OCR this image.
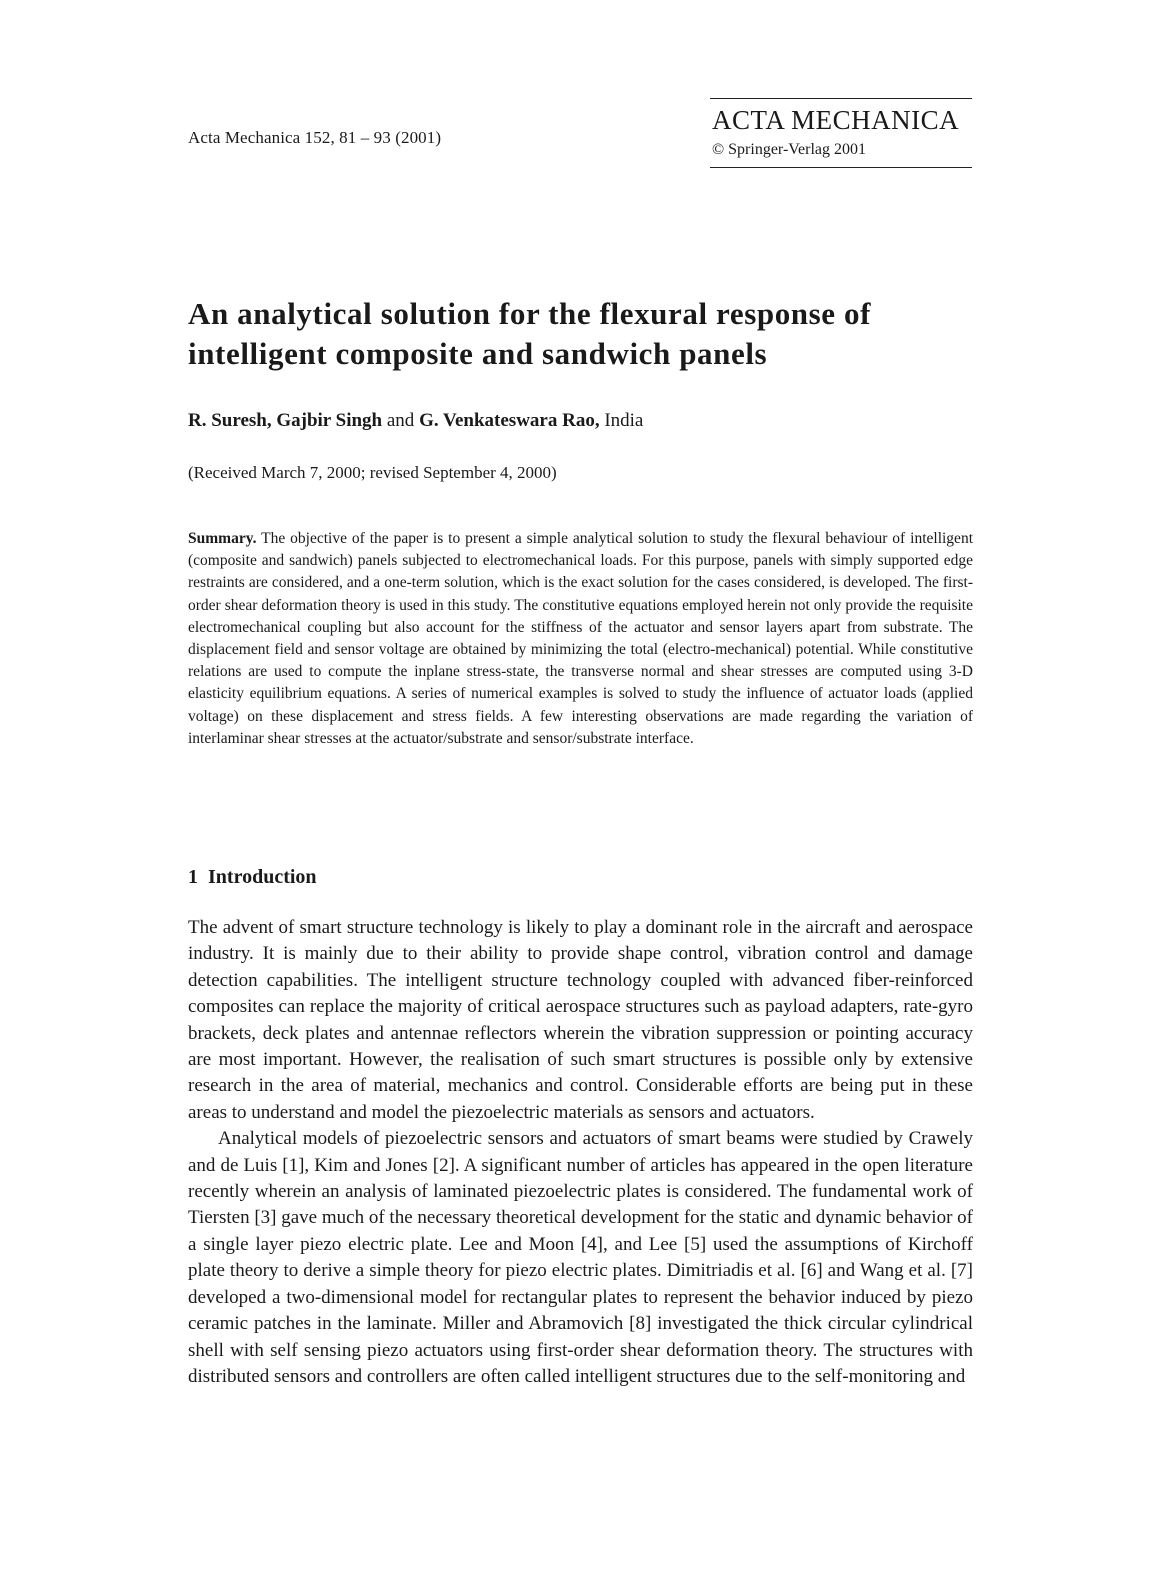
Acta Mechanica 152, 81 – 93 (2001)
ACTA MECHANICA
© Springer-Verlag 2001
An analytical solution for the flexural response of intelligent composite and sandwich panels
R. Suresh, Gajbir Singh and G. Venkateswara Rao, India
(Received March 7, 2000; revised September 4, 2000)

Summary. The objective of the paper is to present a simple analytical solution to study the flexural behaviour of intelligent (composite and sandwich) panels subjected to electromechanical loads. For this purpose, panels with simply supported edge restraints are considered, and a one-term solution, which is the exact solution for the cases considered, is developed. The first-order shear deformation theory is used in this study. The constitutive equations employed herein not only provide the requisite electromechanical coupling but also account for the stiffness of the actuator and sensor layers apart from substrate. The displacement field and sensor voltage are obtained by minimizing the total (electro-mechanical) potential. While constitutive relations are used to compute the inplane stress-state, the transverse normal and shear stresses are computed using 3-D elasticity equilibrium equations. A series of numerical examples is solved to study the influence of actuator loads (applied voltage) on these displacement and stress fields. A few interesting observations are made regarding the variation of interlaminar shear stresses at the actuator/substrate and sensor/substrate interface.

1 Introduction

The advent of smart structure technology is likely to play a dominant role in the aircraft and aerospace industry. It is mainly due to their ability to provide shape control, vibration control and damage detection capabilities. The intelligent structure technology coupled with advanced fiber-reinforced composites can replace the majority of critical aerospace structures such as payload adapters, rate-gyro brackets, deck plates and antennae reflectors wherein the vibration suppression or pointing accuracy are most important. However, the realisation of such smart structures is possible only by extensive research in the area of material, mechanics and control. Considerable efforts are being put in these areas to understand and model the piezoelectric materials as sensors and actuators.

Analytical models of piezoelectric sensors and actuators of smart beams were studied by Crawely and de Luis [1], Kim and Jones [2]. A significant number of articles has appeared in the open literature recently wherein an analysis of laminated piezoelectric plates is considered. The fundamental work of Tiersten [3] gave much of the necessary theoretical development for the static and dynamic behavior of a single layer piezo electric plate. Lee and Moon [4], and Lee [5] used the assumptions of Kirchoff plate theory to derive a simple theory for piezo electric plates. Dimitriadis et al. [6] and Wang et al. [7] developed a two-dimensional model for rectangular plates to represent the behavior induced by piezo ceramic patches in the laminate. Miller and Abramovich [8] investigated the thick circular cylindrical shell with self sensing piezo actuators using first-order shear deformation theory. The structures with distributed sensors and controllers are often called intelligent structures due to the self-monitoring and
